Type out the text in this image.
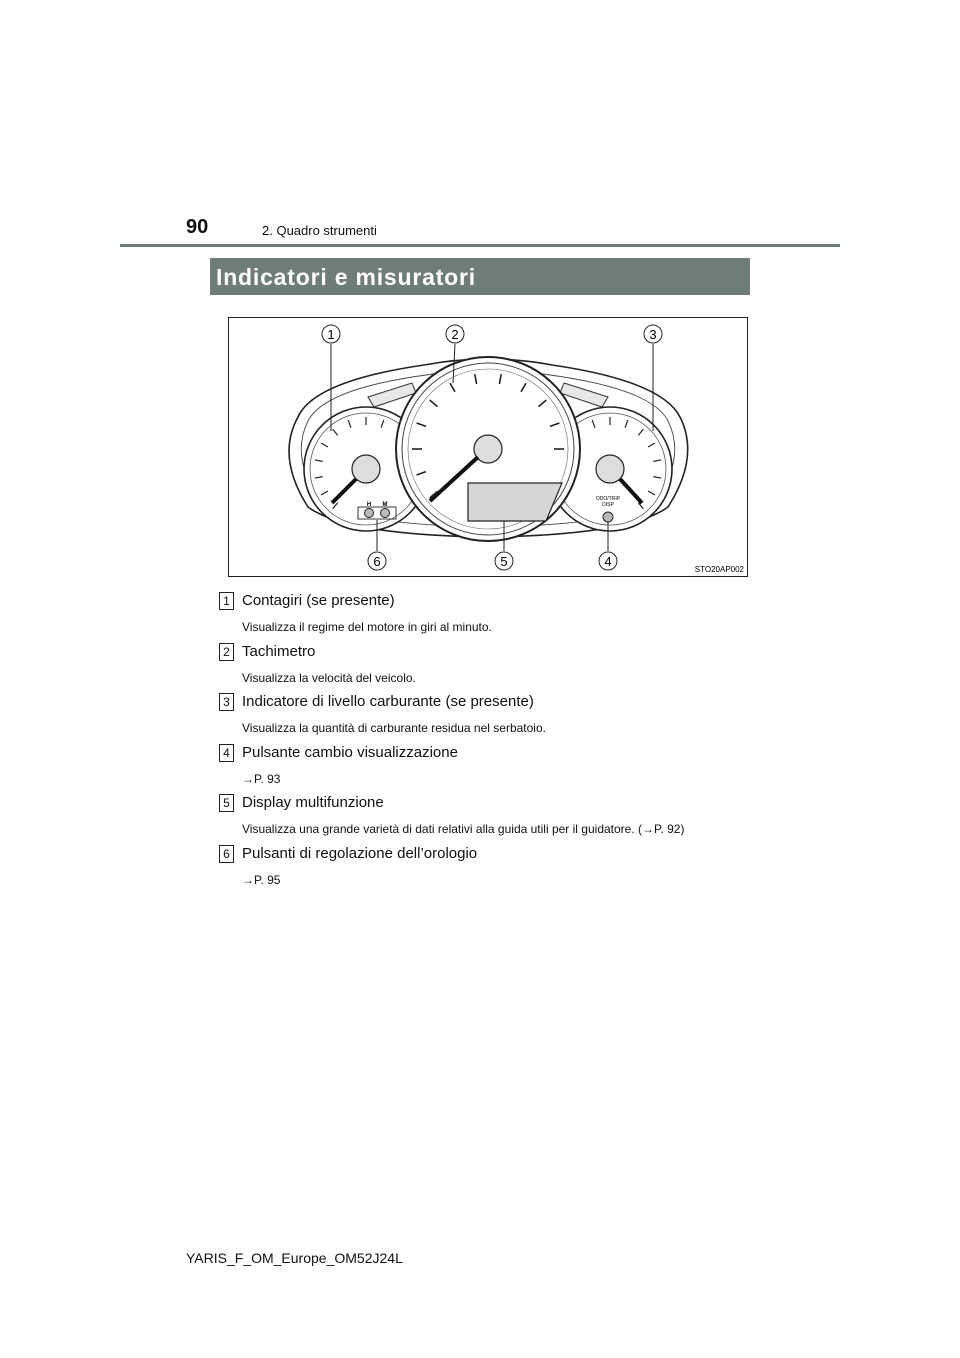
90	2. Quadro strumenti
Indicatori e misuratori
H M
ODO/TRIP
DISP
1	2	3
4
5
6
STO20AP002
1 Contagiri (se presente)
Visualizza il regime del motore in giri al minuto.
2 Tachimetro
Visualizza la velocità del veicolo.
3 Indicatore di livello carburante (se presente)
Visualizza la quantità di carburante residua nel serbatoio.
4 Pulsante cambio visualizzazione
→P. 93
5 Display multifunzione
Visualizza una grande varietà di dati relativi alla guida utili per il guidatore. (→P. 92)
6 Pulsanti di regolazione dell’orologio
→P. 95
YARIS_F_OM_Europe_OM52J24L
